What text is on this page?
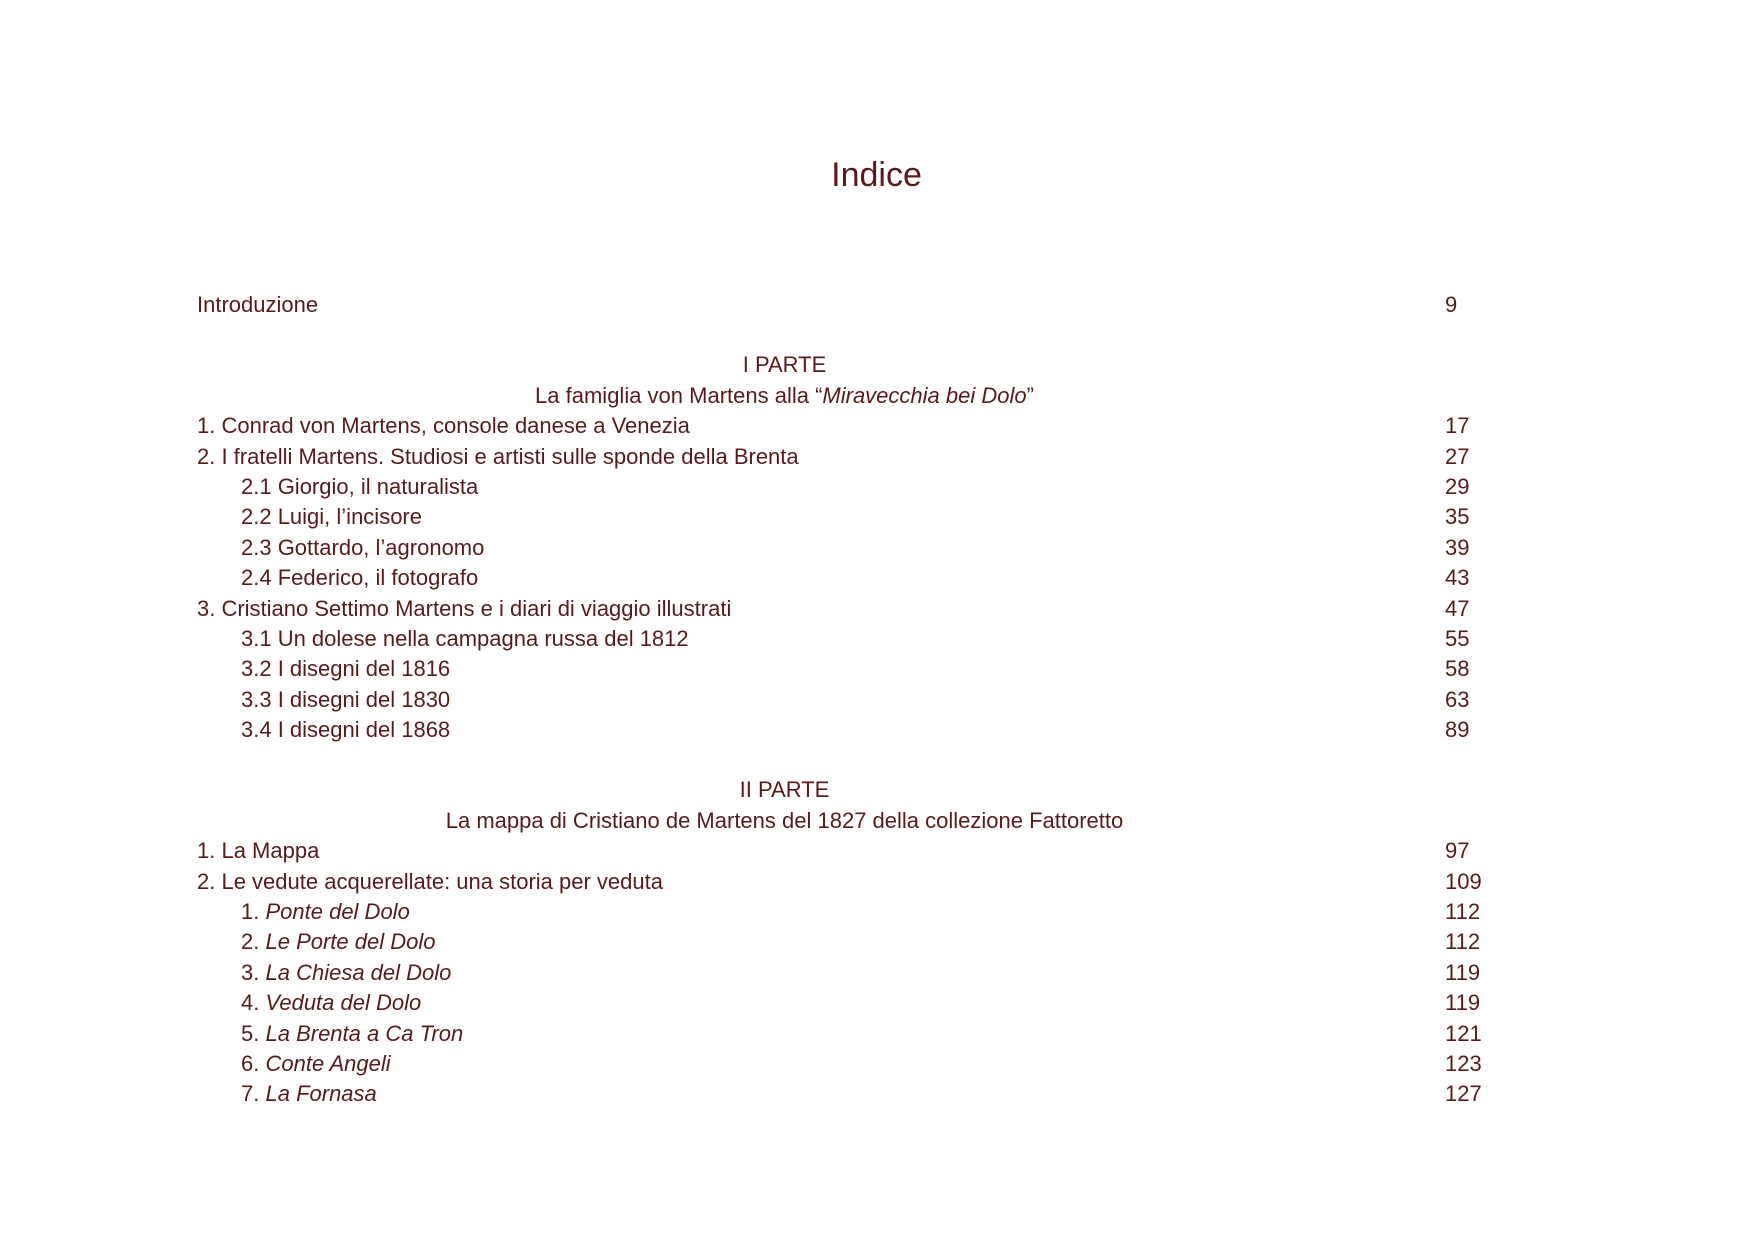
Indice
Introduzione	9
I PARTE
La famiglia von Martens alla “Miravecchia bei Dolo”
1. Conrad von Martens, console danese a Venezia	17
2. I fratelli Martens. Studiosi e artisti sulle sponde della Brenta	27
2.1 Giorgio, il naturalista	29
2.2 Luigi, l’incisore	35
2.3 Gottardo, l’agronomo	39
2.4 Federico, il fotografo	43
3. Cristiano Settimo Martens e i diari di viaggio illustrati	47
3.1 Un dolese nella campagna russa del 1812	55
3.2 I disegni del 1816	58
3.3 I disegni del 1830	63
3.4 I disegni del 1868	89
II PARTE
La mappa di Cristiano de Martens del 1827 della collezione Fattoretto
1. La Mappa	97
2. Le vedute acquerellate: una storia per veduta	109
1. Ponte del Dolo	112
2. Le Porte del Dolo	112
3. La Chiesa del Dolo	119
4. Veduta del Dolo	119
5. La Brenta a Ca Tron	121
6. Conte Angeli	123
7. La Fornasa	127
